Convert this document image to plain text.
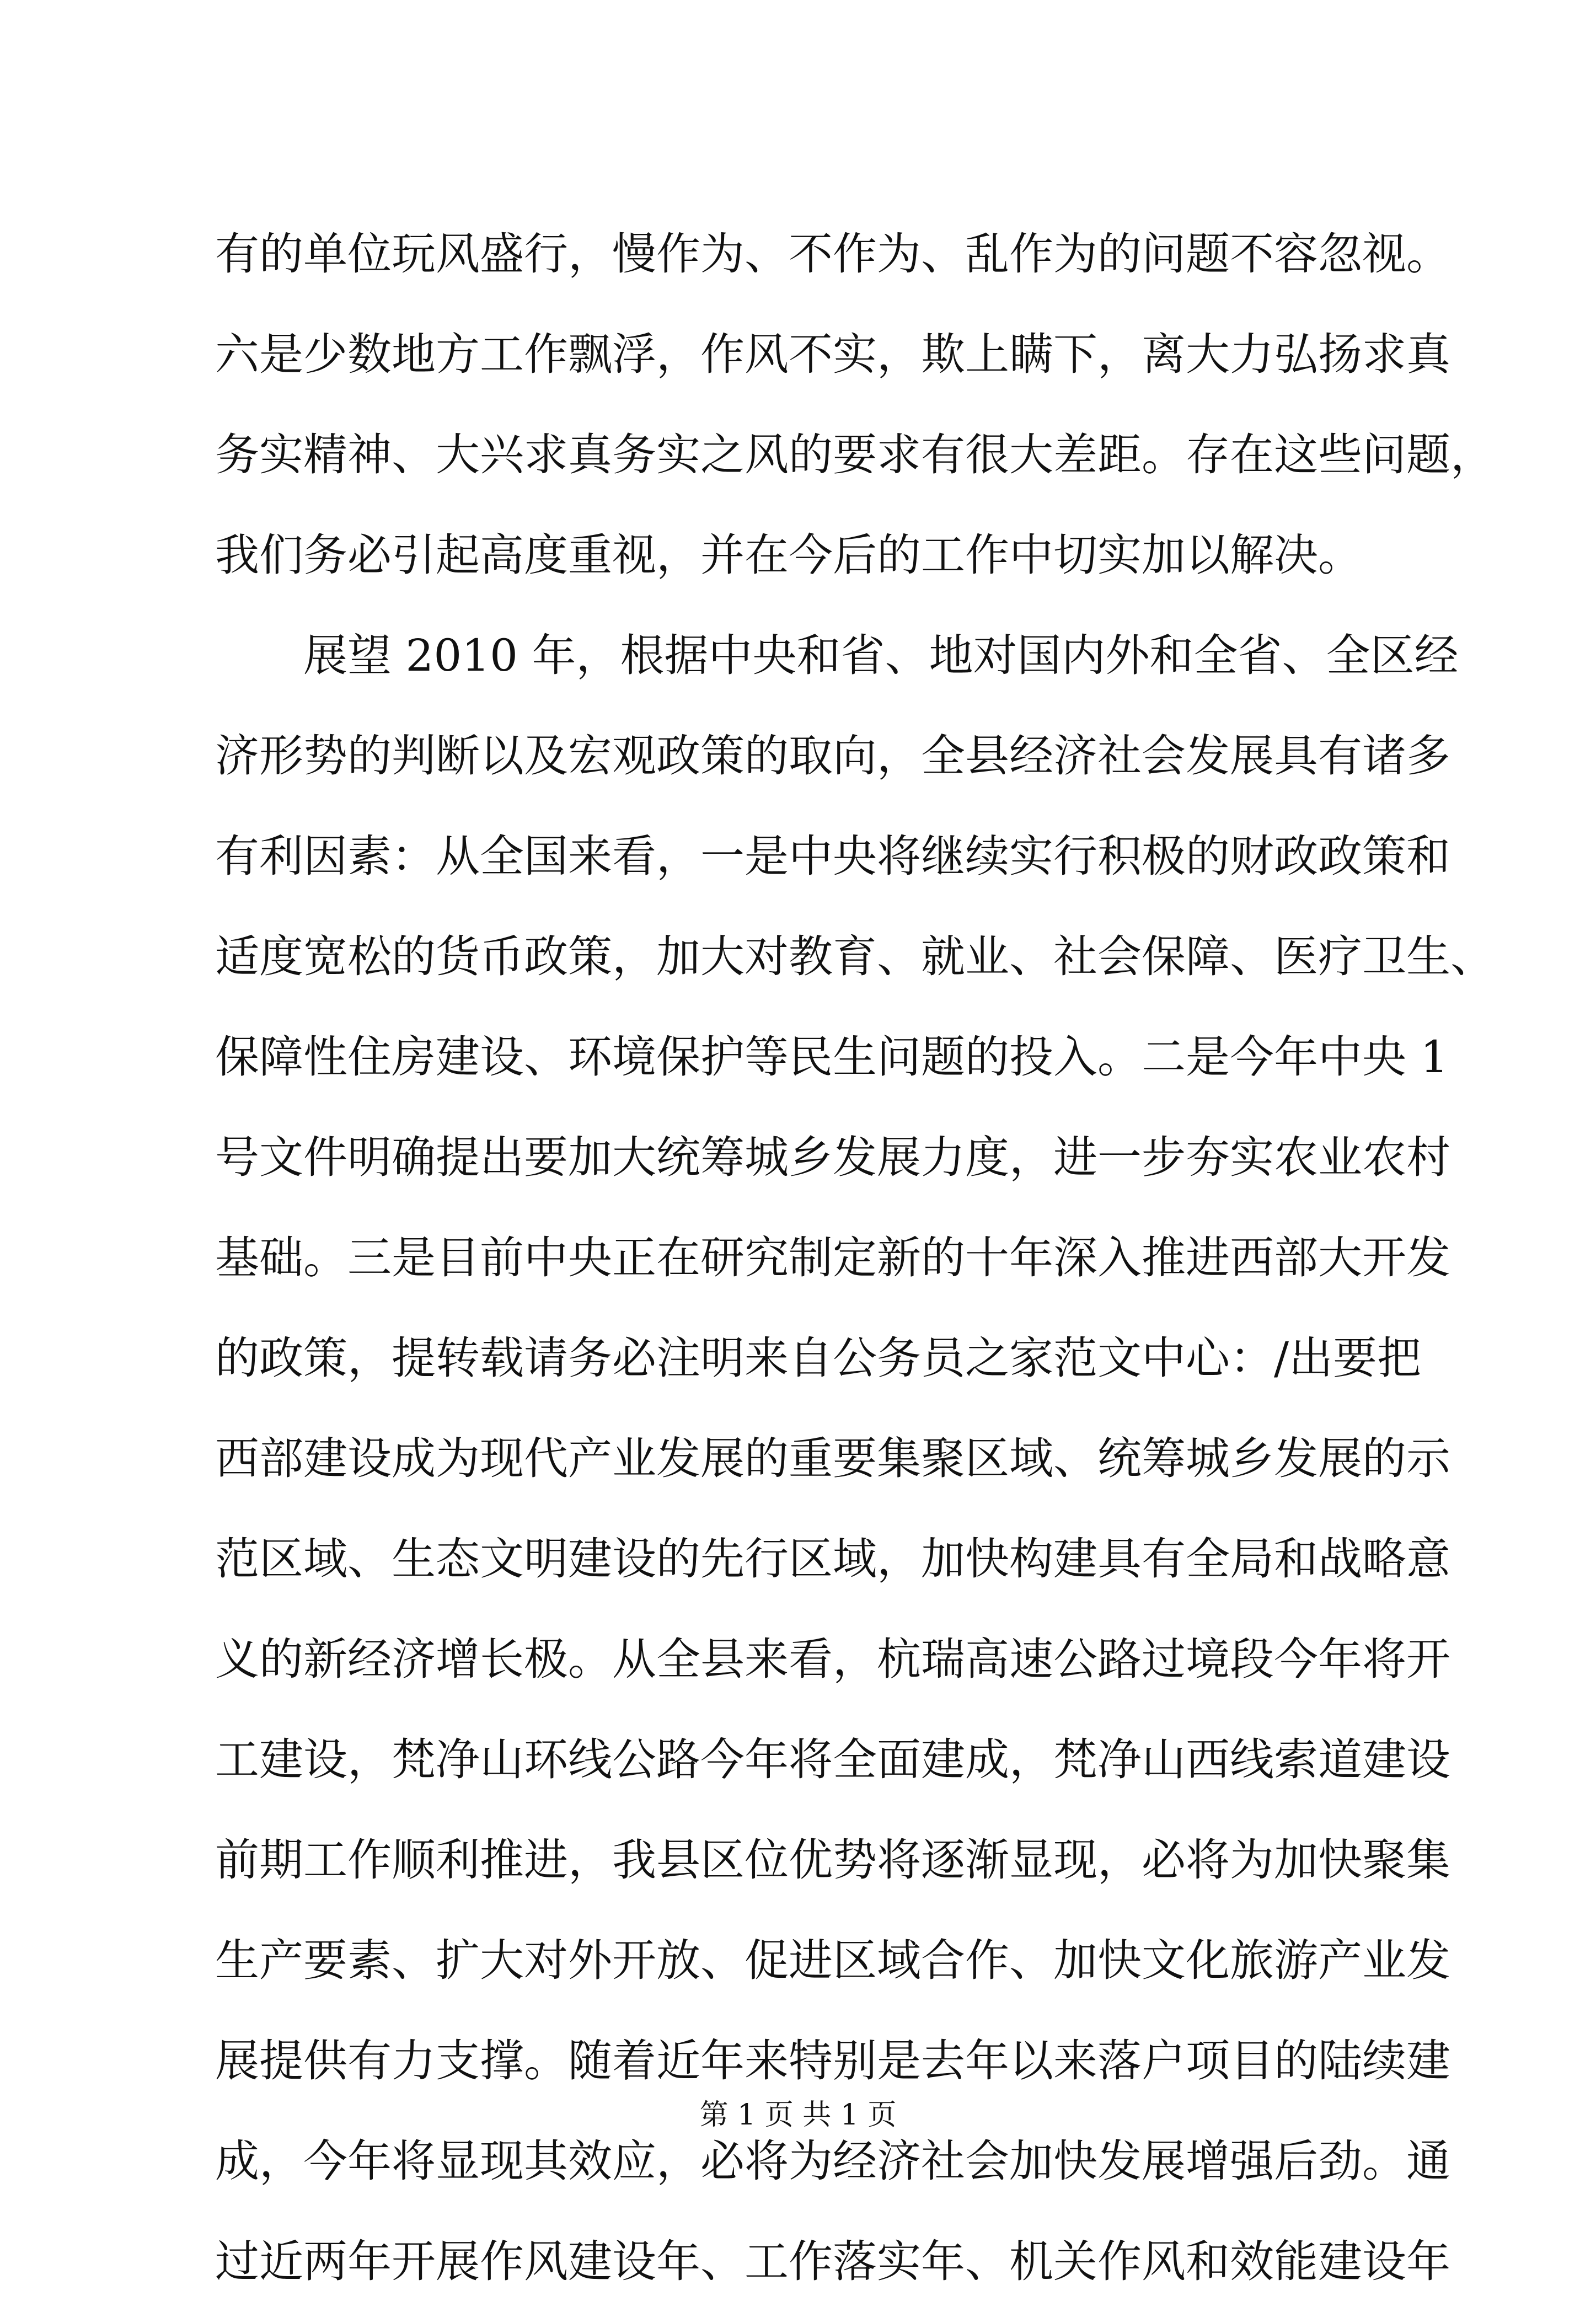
有的单位玩风盛行，慢作为、不作为、乱作为的问题不容忽视。
六是少数地方工作飘浮，作风不实，欺上瞒下，离大力弘扬求真
务实精神、大兴求真务实之风的要求有很大差距。存在这些问题，
我们务必引起高度重视，并在今后的工作中切实加以解决。
展望 2010 年，根据中央和省、地对国内外和全省、全区经
济形势的判断以及宏观政策的取向，全县经济社会发展具有诸多
有利因素：从全国来看，一是中央将继续实行积极的财政政策和
适度宽松的货币政策，加大对教育、就业、社会保障、医疗卫生、
保障性住房建设、环境保护等民生问题的投入。二是今年中央 1
号文件明确提出要加大统筹城乡发展力度，进一步夯实农业农村
基础。三是目前中央正在研究制定新的十年深入推进西部大开发
的政策，提转载请务必注明来自公务员之家范文中心：/出要把
西部建设成为现代产业发展的重要集聚区域、统筹城乡发展的示
范区域、生态文明建设的先行区域，加快构建具有全局和战略意
义的新经济增长极。从全县来看，杭瑞高速公路过境段今年将开
工建设，梵净山环线公路今年将全面建成，梵净山西线索道建设
前期工作顺利推进，我县区位优势将逐渐显现，必将为加快聚集
生产要素、扩大对外开放、促进区域合作、加快文化旅游产业发
展提供有力支撑。随着近年来特别是去年以来落户项目的陆续建
成，今年将显现其效应，必将为经济社会加快发展增强后劲。通
过近两年开展作风建设年、工作落实年、机关作风和效能建设年
第 1 页 共 1 页
